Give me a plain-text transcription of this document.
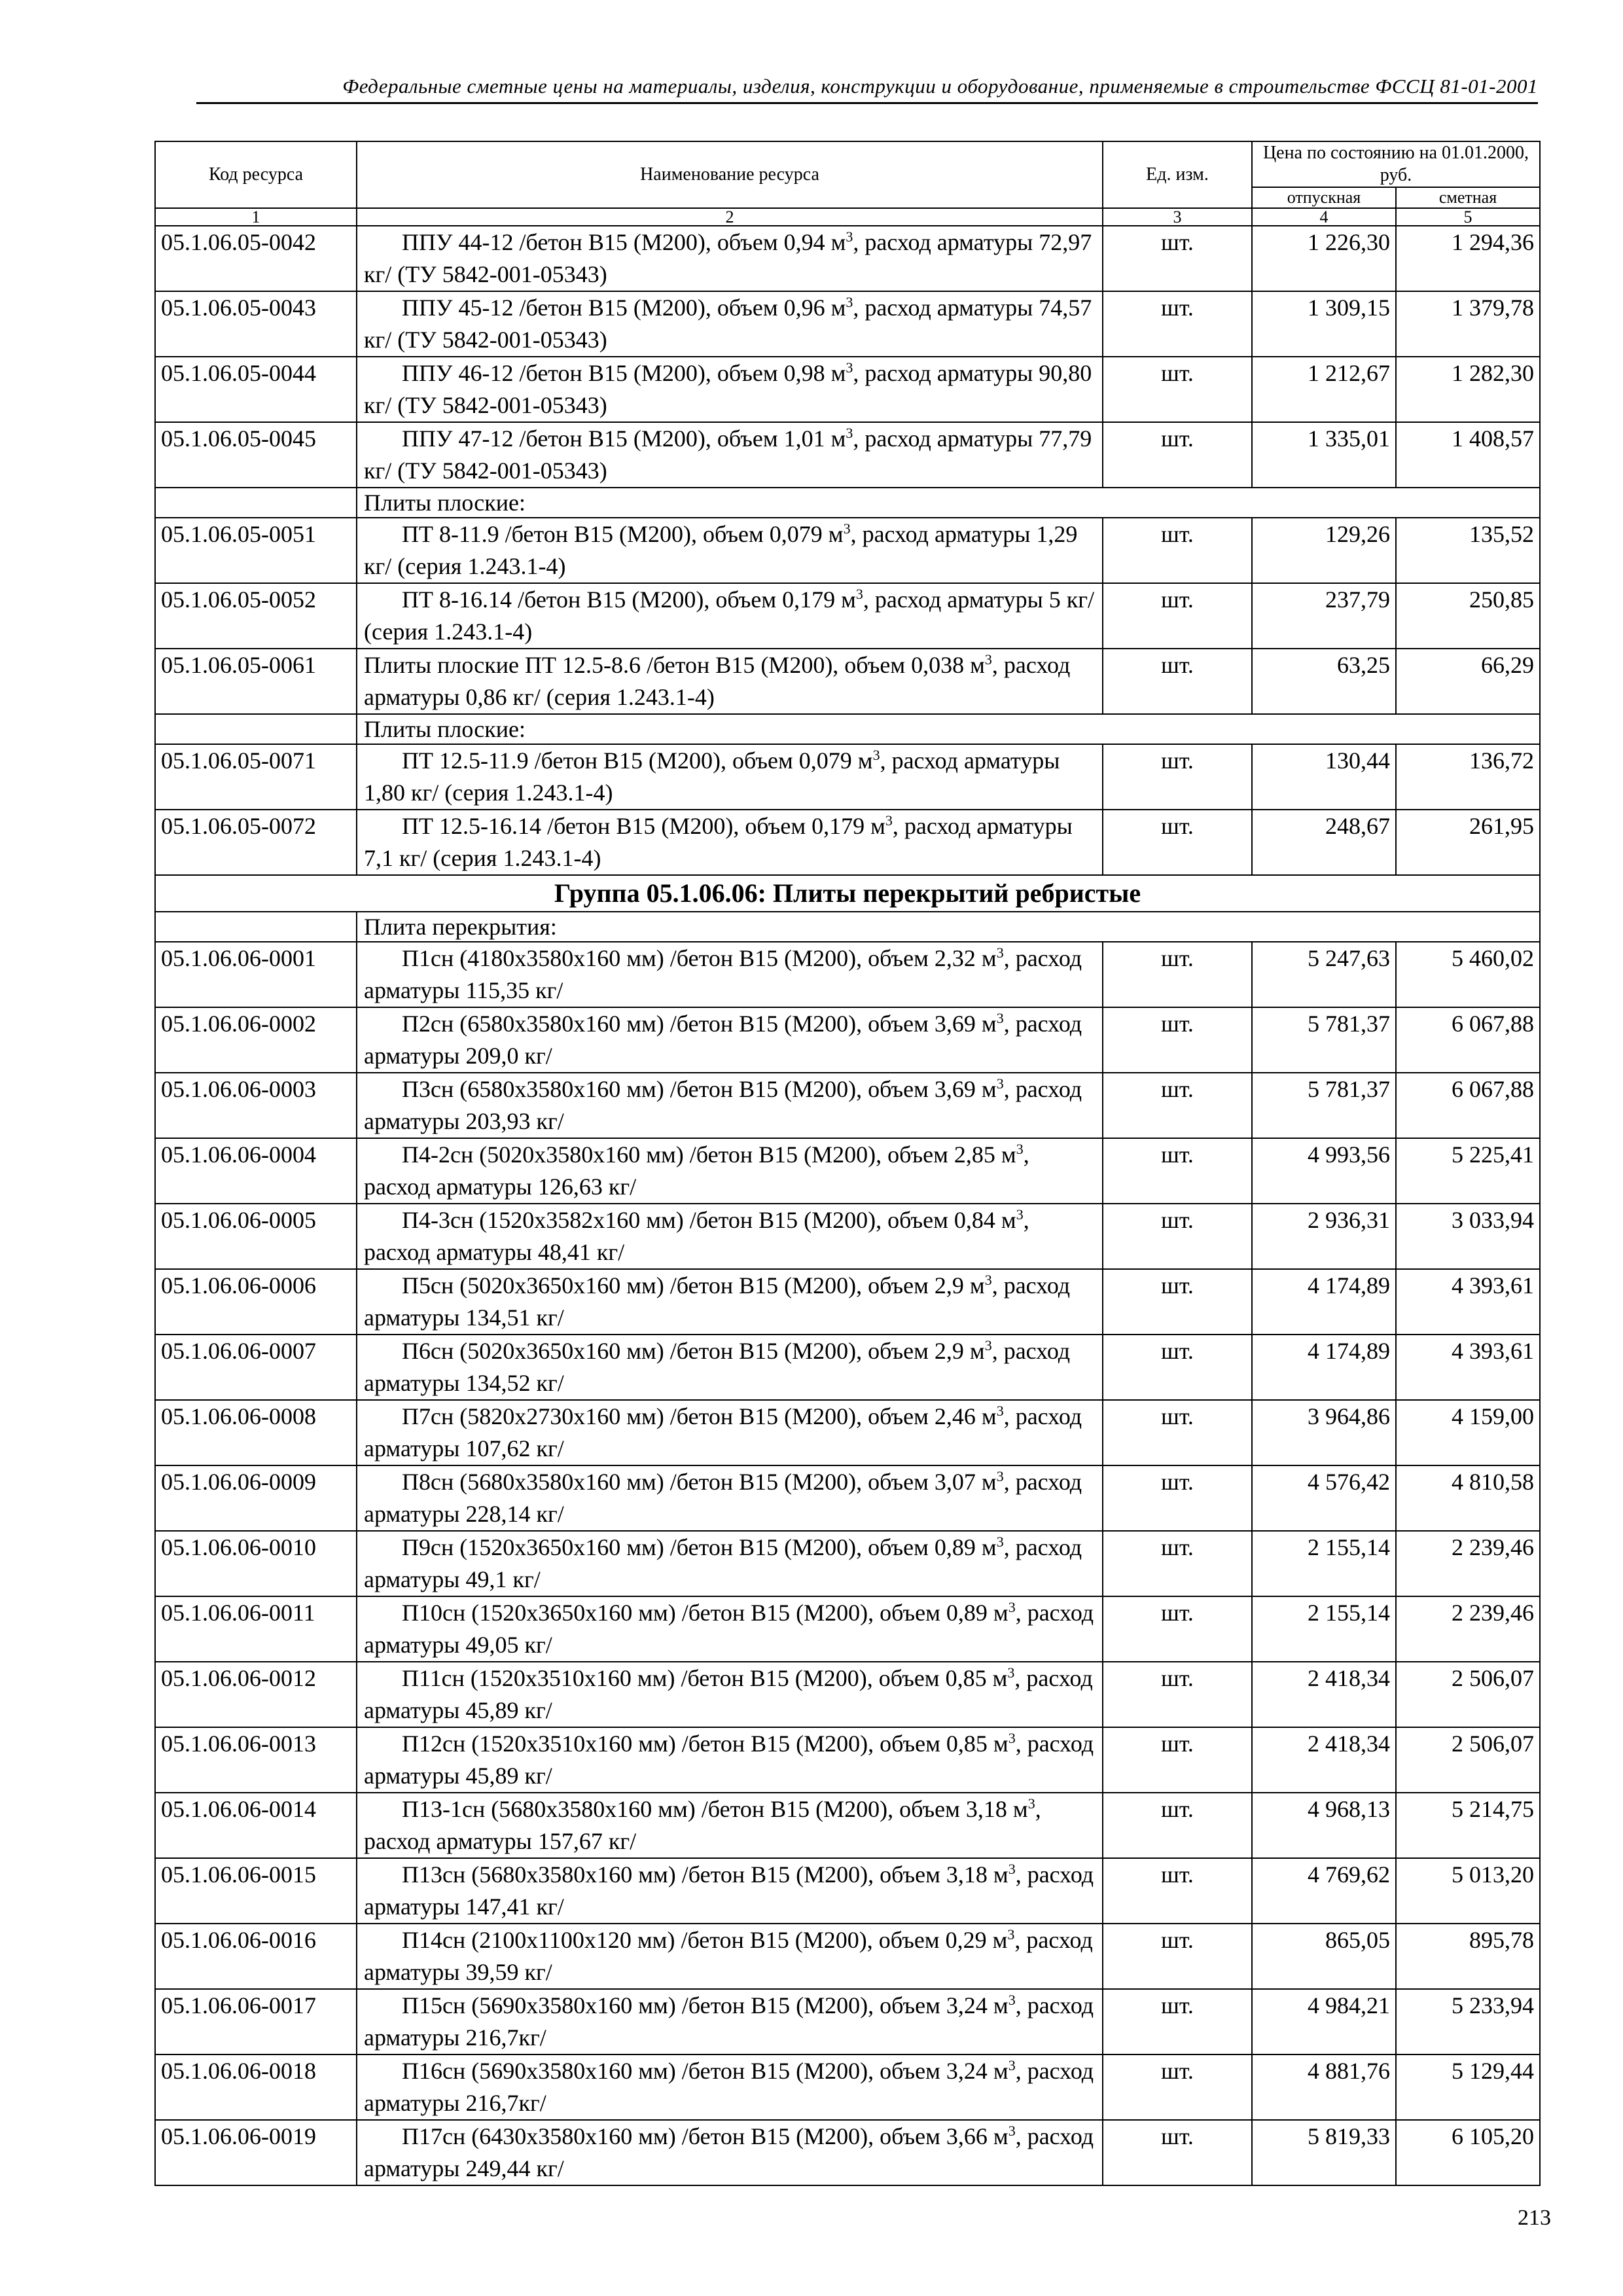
Федеральные сметные цены на материалы, изделия, конструкции и оборудование, применяемые в строительстве ФССЦ 81-01-2001
Код ресурса	Наименование ресурса	Ед. изм.	Цена по состоянию на 01.01.2000, руб.	
			отпускная	сметная
1	2	3	4	5
05.1.06.05-0042	ППУ 44-12 /бетон В15 (М200), объем 0,94 $м^3$, расход арматуры 72,97 кг/ (ТУ 5842-001-05343)	шт.	1 226,30	1 294,36
05.1.06.05-0043	ППУ 45-12 /бетон В15 (М200), объем 0,96 $м^3$, расход арматуры 74,57 кг/ (ТУ 5842-001-05343)	шт.	1 309,15	1 379,78
05.1.06.05-0044	ППУ 46-12 /бетон В15 (М200), объем 0,98 $м^3$, расход арматуры 90,80 кг/ (ТУ 5842-001-05343)	шт.	1 212,67	1 282,30
05.1.06.05-0045	ППУ 47-12 /бетон В15 (М200), объем 1,01 $м^3$, расход арматуры 77,79 кг/ (ТУ 5842-001-05343)	шт.	1 335,01	1 408,57
	Плиты плоские:			
05.1.06.05-0051	ПТ 8-11.9 /бетон В15 (М200), объем 0,079 $м^3$, расход арматуры 1,29 кг/ (серия 1.243.1-4)	шт.	129,26	135,52
05.1.06.05-0052	ПТ 8-16.14 /бетон В15 (М200), объем 0,179 $м^3$, расход арматуры 5 кг/ (серия 1.243.1-4)	шт.	237,79	250,85
05.1.06.05-0061	Плиты плоские ПТ 12.5-8.6 /бетон В15 (М200), объем 0,038 $м^3$, расход арматуры 0,86 кг/ (серия 1.243.1-4)	шт.	63,25	66,29
	Плиты плоские:			
05.1.06.05-0071	ПТ 12.5-11.9 /бетон В15 (М200), объем 0,079 $м^3$, расход арматуры 1,80 кг/ (серия 1.243.1-4)	шт.	130,44	136,72
05.1.06.05-0072	ПТ 12.5-16.14 /бетон В15 (М200), объем 0,179 $м^3$, расход арматуры 7,1 кг/ (серия 1.243.1-4)	шт.	248,67	261,95
Группа 05.1.06.06: Плиты перекрытий ребристые				
	Плита перекрытия:			
05.1.06.06-0001	П1сн (4180х3580х160 мм) /бетон В15 (М200), объем 2,32 $м^3$, расход арматуры 115,35 кг/	шт.	5 247,63	5 460,02
05.1.06.06-0002	П2сн (6580х3580х160 мм) /бетон В15 (М200), объем 3,69 $м^3$, расход арматуры 209,0 кг/	шт.	5 781,37	6 067,88
05.1.06.06-0003	П3сн (6580х3580х160 мм) /бетон В15 (М200), объем 3,69 $м^3$, расход арматуры 203,93 кг/	шт.	5 781,37	6 067,88
05.1.06.06-0004	П4-2сн (5020х3580х160 мм) /бетон В15 (М200), объем 2,85 $м^3$, расход арматуры 126,63 кг/	шт.	4 993,56	5 225,41
05.1.06.06-0005	П4-3сн (1520х3582х160 мм) /бетон В15 (М200), объем 0,84 $м^3$, расход арматуры 48,41 кг/	шт.	2 936,31	3 033,94
05.1.06.06-0006	П5сн (5020х3650х160 мм) /бетон В15 (М200), объем 2,9 $м^3$, расход арматуры 134,51 кг/	шт.	4 174,89	4 393,61
05.1.06.06-0007	П6сн (5020х3650х160 мм) /бетон В15 (М200), объем 2,9 $м^3$, расход арматуры 134,52 кг/	шт.	4 174,89	4 393,61
05.1.06.06-0008	П7сн (5820х2730х160 мм) /бетон В15 (М200), объем 2,46 $м^3$, расход арматуры 107,62 кг/	шт.	3 964,86	4 159,00
05.1.06.06-0009	П8сн (5680х3580х160 мм) /бетон В15 (М200), объем 3,07 $м^3$, расход арматуры 228,14 кг/	шт.	4 576,42	4 810,58
05.1.06.06-0010	П9сн (1520х3650х160 мм) /бетон В15 (М200), объем 0,89 $м^3$, расход арматуры 49,1 кг/	шт.	2 155,14	2 239,46
05.1.06.06-0011	П10сн (1520х3650х160 мм) /бетон В15 (М200), объем 0,89 $м^3$, расход арматуры 49,05 кг/	шт.	2 155,14	2 239,46
05.1.06.06-0012	П11сн (1520х3510х160 мм) /бетон В15 (М200), объем 0,85 $м^3$, расход арматуры 45,89 кг/	шт.	2 418,34	2 506,07
05.1.06.06-0013	П12сн (1520х3510х160 мм) /бетон В15 (М200), объем 0,85 $м^3$, расход арматуры 45,89 кг/	шт.	2 418,34	2 506,07
05.1.06.06-0014	П13-1сн (5680х3580х160 мм) /бетон В15 (М200), объем 3,18 $м^3$, расход арматуры 157,67 кг/	шт.	4 968,13	5 214,75
05.1.06.06-0015	П13сн (5680х3580х160 мм) /бетон В15 (М200), объем 3,18 $м^3$, расход арматуры 147,41 кг/	шт.	4 769,62	5 013,20
05.1.06.06-0016	П14сн (2100х1100х120 мм) /бетон В15 (М200), объем 0,29 $м^3$, расход арматуры 39,59 кг/	шт.	865,05	895,78
05.1.06.06-0017	П15сн (5690х3580х160 мм) /бетон В15 (М200), объем 3,24 $м^3$, расход арматуры 216,7кг/	шт.	4 984,21	5 233,94
05.1.06.06-0018	П16сн (5690х3580х160 мм) /бетон В15 (М200), объем 3,24 $м^3$, расход арматуры 216,7кг/	шт.	4 881,76	5 129,44
05.1.06.06-0019	П17сн (6430х3580х160 мм) /бетон В15 (М200), объем 3,66 $м^3$, расход арматуры 249,44 кг/	шт.	5 819,33	6 105,20
213
